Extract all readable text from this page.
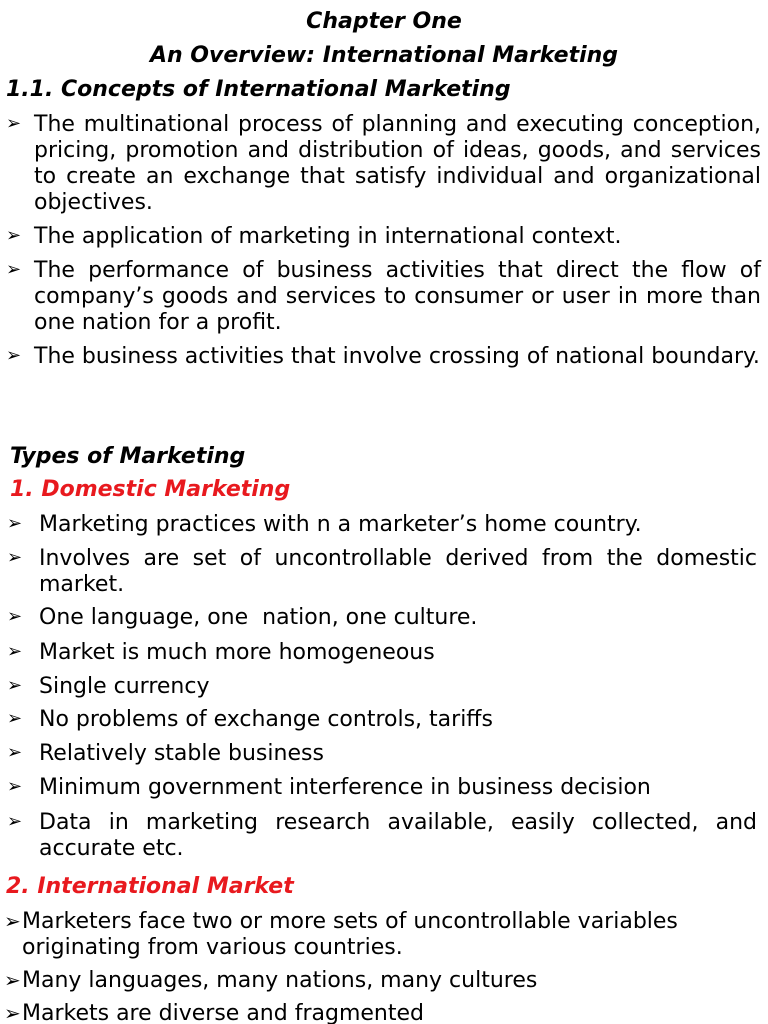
Chapter One
An Overview: International Marketing
1.1. Concepts of International Marketing
➢ The multinational process of planning and executing conception, pricing, promotion and distribution of ideas, goods, and services to create an exchange that satisfy individual and organizational objectives.
➢ The application of marketing in international context.
➢ The performance of business activities that direct the flow of company’s goods and services to consumer or user in more than one nation for a profit.
➢ The business activities that involve crossing of national boundary.
Types of Marketing
1. Domestic Marketing
➢ Marketing practices with n a marketer’s home country.
➢ Involves are set of uncontrollable derived from the domestic market.
➢ One language, one  nation, one culture.
➢ Market is much more homogeneous
➢ Single currency
➢ No problems of exchange controls, tariffs
➢ Relatively stable business
➢ Minimum government interference in business decision
➢ Data in marketing research available, easily collected, and accurate etc.
2. International Market
➢ Marketers face two or more sets of uncontrollable variables originating from various countries.
➢ Many languages, many nations, many cultures
➢ Markets are diverse and fragmented
